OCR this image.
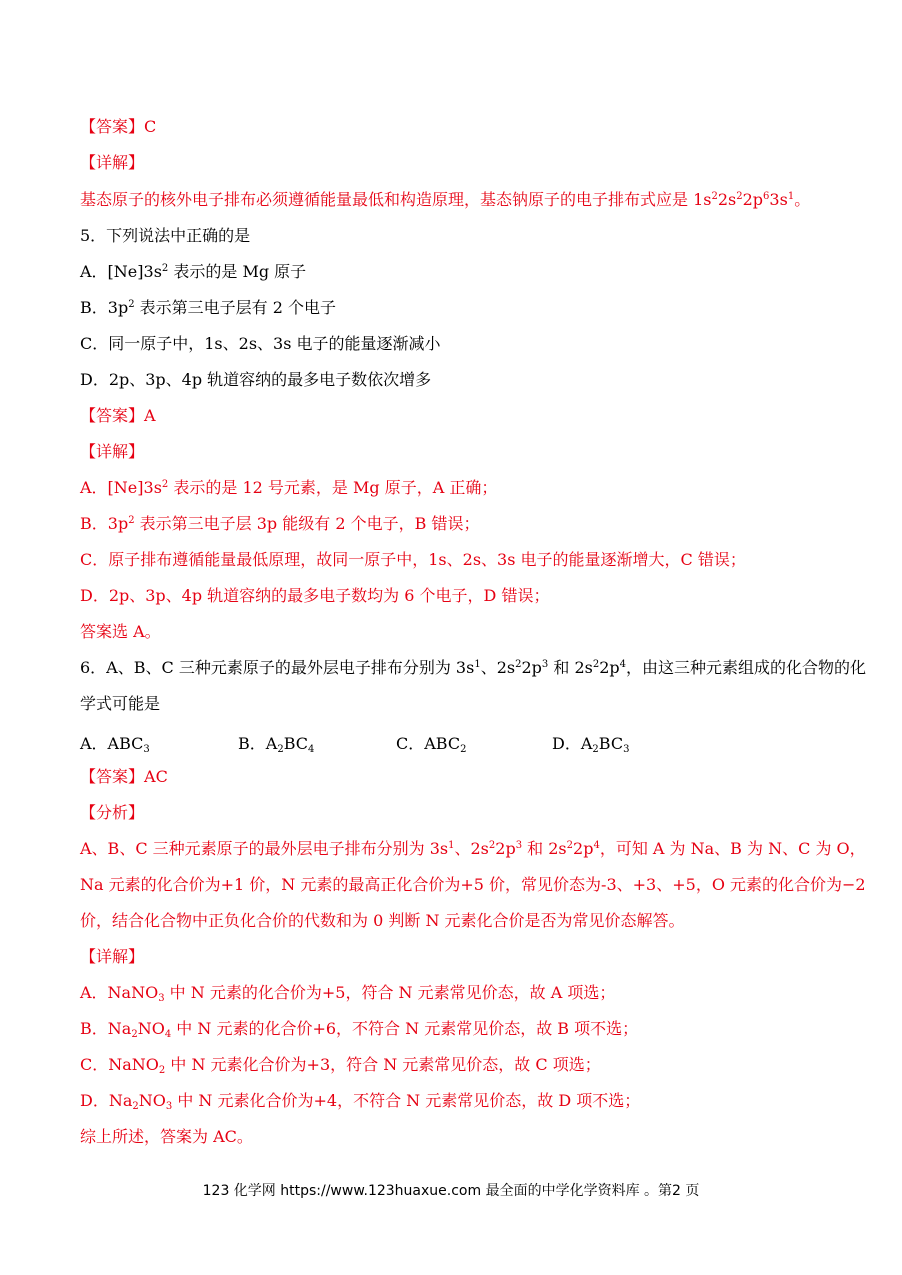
【答案】C
【详解】
基态原子的核外电子排布必须遵循能量最低和构造原理，基态钠原子的电子排布式应是 $1s^22s^22p^63s^1$。
5．下列说法中正确的是
A．$[Ne]3s^2$ 表示的是 Mg 原子
B．$3p^2$ 表示第三电子层有 2 个电子
C．同一原子中，1s、2s、3s 电子的能量逐渐减小
D．2p、3p、4p 轨道容纳的最多电子数依次增多
【答案】A
【详解】
A．$[Ne]3s^2$ 表示的是 12 号元素，是 Mg 原子，A 正确；
B．$3p^2$ 表示第三电子层 3p 能级有 2 个电子，B 错误；
C．原子排布遵循能量最低原理，故同一原子中，1s、2s、3s 电子的能量逐渐增大，C 错误；
D．2p、3p、4p 轨道容纳的最多电子数均为 6 个电子，D 错误；
答案选 A。
6．A、B、C 三种元素原子的最外层电子排布分别为 $3s^1$、$2s^22p^3$ 和 $2s^22p^4$，由这三种元素组成的化合物的化
学式可能是
A．$ABC_3$	B．$A_2BC_4$	C．$ABC_2$	D．$A_2BC_3$
【答案】AC
【分析】
A、B、C 三种元素原子的最外层电子排布分别为 $3s^1$、$2s^22p^3$ 和 $2s^22p^4$，可知 A 为 Na、B 为 N、C 为 O，
Na 元素的化合价为+1 价，N 元素的最高正化合价为+5 价，常见价态为-3、+3、+5，O 元素的化合价为−2
价，结合化合物中正负化合价的代数和为 0 判断 N 元素化合价是否为常见价态解答。
【详解】
A．NaNO$_3$ 中 N 元素的化合价为+5，符合 N 元素常见价态，故 A 项选；
B．$Na_2NO_4$ 中 N 元素的化合价+6，不符合 N 元素常见价态，故 B 项不选；
C．NaNO$_2$ 中 N 元素化合价为+3，符合 N 元素常见价态，故 C 项选；
D．$Na_2NO_3$ 中 N 元素化合价为+4，不符合 N 元素常见价态，故 D 项不选；
综上所述，答案为 AC。
123 化学网 https://www.123huaxue.com 最全面的中学化学资料库 。第2 页
